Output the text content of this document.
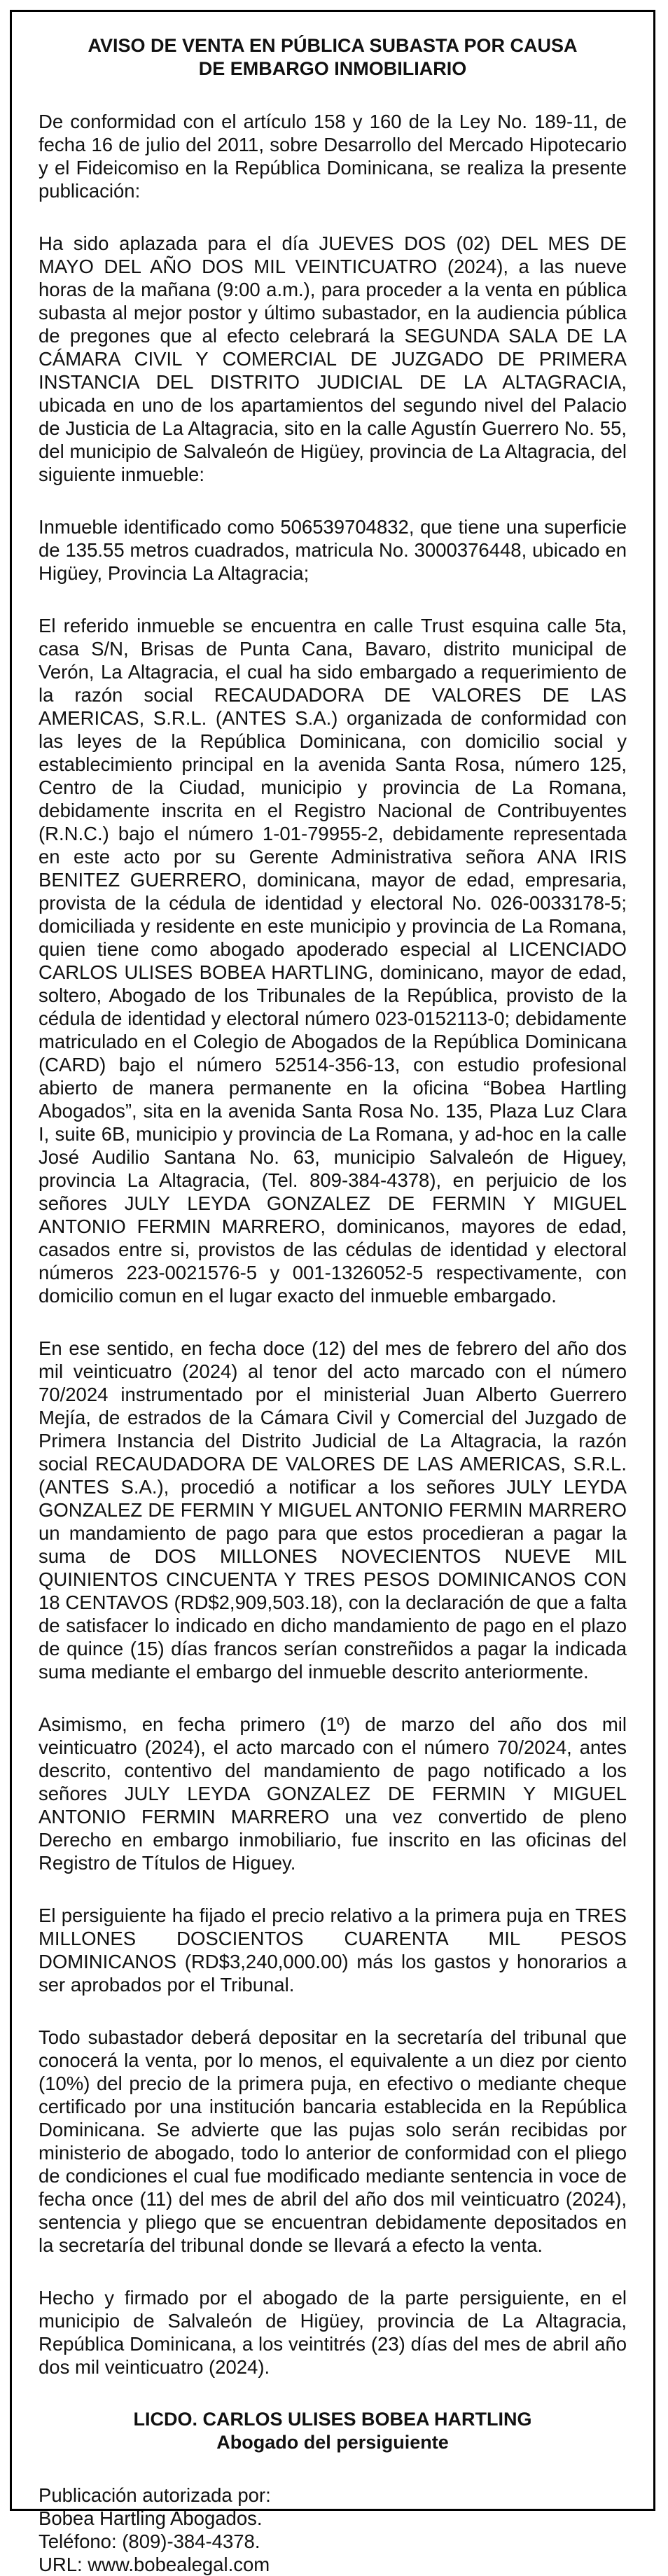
AVISO DE VENTA EN PÚBLICA SUBASTA POR CAUSA
DE EMBARGO INMOBILIARIO

De conformidad con el artículo 158 y 160 de la Ley No. 189-11, de fecha 16 de julio del 2011, sobre Desarrollo del Mercado Hipotecario y el Fideicomiso en la República Dominicana, se realiza la presente publicación:

Ha sido aplazada para el día JUEVES DOS (02) DEL MES DE MAYO DEL AÑO DOS MIL VEINTICUATRO (2024), a las nueve horas de la mañana (9:00 a.m.), para proceder a la venta en pública subasta al mejor postor y último subastador, en la audiencia pública de pregones que al efecto celebrará la SEGUNDA SALA DE LA CÁMARA CIVIL Y COMERCIAL DE JUZGADO DE PRIMERA INSTANCIA DEL DISTRITO JUDICIAL DE LA ALTAGRACIA, ubicada en uno de los apartamientos del segundo nivel del Palacio de Justicia de La Altagracia, sito en la calle Agustín Guerrero No. 55, del municipio de Salvaleón de Higüey, provincia de La Altagracia, del siguiente inmueble:

Inmueble identificado como 506539704832, que tiene una superficie de 135.55 metros cuadrados, matricula No. 3000376448, ubicado en Higüey, Provincia La Altagracia;

El referido inmueble se encuentra en calle Trust esquina calle 5ta, casa S/N, Brisas de Punta Cana, Bavaro, distrito municipal de Verón, La Altagracia, el cual ha sido embargado a requerimiento de la razón social RECAUDADORA DE VALORES DE LAS AMERICAS, S.R.L. (ANTES S.A.) organizada de conformidad con las leyes de la República Dominicana, con domicilio social y establecimiento principal en la avenida Santa Rosa, número 125, Centro de la Ciudad, municipio y provincia de La Romana, debidamente inscrita en el Registro Nacional de Contribuyentes (R.N.C.) bajo el número 1-01-79955-2, debidamente representada en este acto por su Gerente Administrativa señora ANA IRIS BENITEZ GUERRERO, dominicana, mayor de edad, empresaria, provista de la cédula de identidad y electoral No. 026-0033178-5; domiciliada y residente en este municipio y provincia de La Romana, quien tiene como abogado apoderado especial al LICENCIADO CARLOS ULISES BOBEA HARTLING, dominicano, mayor de edad, soltero, Abogado de los Tribunales de la República, provisto de la cédula de identidad y electoral número 023-0152113-0; debidamente matriculado en el Colegio de Abogados de la República Dominicana (CARD) bajo el número 52514-356-13, con estudio profesional abierto de manera permanente en la oficina “Bobea Hartling Abogados”, sita en la avenida Santa Rosa No. 135, Plaza Luz Clara I, suite 6B, municipio y provincia de La Romana, y ad-hoc en la calle José Audilio Santana No. 63, municipio Salvaleón de Higuey, provincia La Altagracia, (Tel. 809-384-4378), en perjuicio de los señores JULY LEYDA GONZALEZ DE FERMIN Y MIGUEL ANTONIO FERMIN MARRERO, dominicanos, mayores de edad, casados entre si, provistos de las cédulas de identidad y electoral números 223-0021576-5 y 001-1326052-5 respectivamente, con domicilio comun en el lugar exacto del inmueble embargado.

En ese sentido, en fecha doce (12) del mes de febrero del año dos mil veinticuatro (2024) al tenor del acto marcado con el número 70/2024 instrumentado por el ministerial Juan Alberto Guerrero Mejía, de estrados de la Cámara Civil y Comercial del Juzgado de Primera Instancia del Distrito Judicial de La Altagracia, la razón social RECAUDADORA DE VALORES DE LAS AMERICAS, S.R.L. (ANTES S.A.), procedió a notificar a los señores JULY LEYDA GONZALEZ DE FERMIN Y MIGUEL ANTONIO FERMIN MARRERO un mandamiento de pago para que estos procedieran a pagar la suma de DOS MILLONES NOVECIENTOS NUEVE MIL QUINIENTOS CINCUENTA Y TRES PESOS DOMINICANOS CON 18 CENTAVOS (RD$2,909,503.18), con la declaración de que a falta de satisfacer lo indicado en dicho mandamiento de pago en el plazo de quince (15) días francos serían constreñidos a pagar la indicada suma mediante el embargo del inmueble descrito anteriormente.

Asimismo, en fecha primero (1º) de marzo del año dos mil veinticuatro (2024), el acto marcado con el número 70/2024, antes descrito, contentivo del mandamiento de pago notificado a los señores JULY LEYDA GONZALEZ DE FERMIN Y MIGUEL ANTONIO FERMIN MARRERO una vez convertido de pleno Derecho en embargo inmobiliario, fue inscrito en las oficinas del Registro de Títulos de Higuey.

El persiguiente ha fijado el precio relativo a la primera puja en TRES MILLONES DOSCIENTOS CUARENTA MIL PESOS DOMINICANOS (RD$3,240,000.00) más los gastos y honorarios a ser aprobados por el Tribunal.

Todo subastador deberá depositar en la secretaría del tribunal que conocerá la venta, por lo menos, el equivalente a un diez por ciento (10%) del precio de la primera puja, en efectivo o mediante cheque certificado por una institución bancaria establecida en la República Dominicana. Se advierte que las pujas solo serán recibidas por ministerio de abogado, todo lo anterior de conformidad con el pliego de condiciones el cual fue modificado mediante sentencia in voce de fecha once (11) del mes de abril del año dos mil veinticuatro (2024), sentencia y pliego que se encuentran debidamente depositados en la secretaría del tribunal donde se llevará a efecto la venta.

Hecho y firmado por el abogado de la parte persiguiente, en el municipio de Salvaleón de Higüey, provincia de La Altagracia, República Dominicana, a los veintitrés (23) días del mes de abril año dos mil veinticuatro (2024).

LICDO. CARLOS ULISES BOBEA HARTLING
Abogado del persiguiente
Publicación autorizada por:
Bobea Hartling Abogados.
Teléfono: (809)-384-4378.
URL: www.bobealegal.com
